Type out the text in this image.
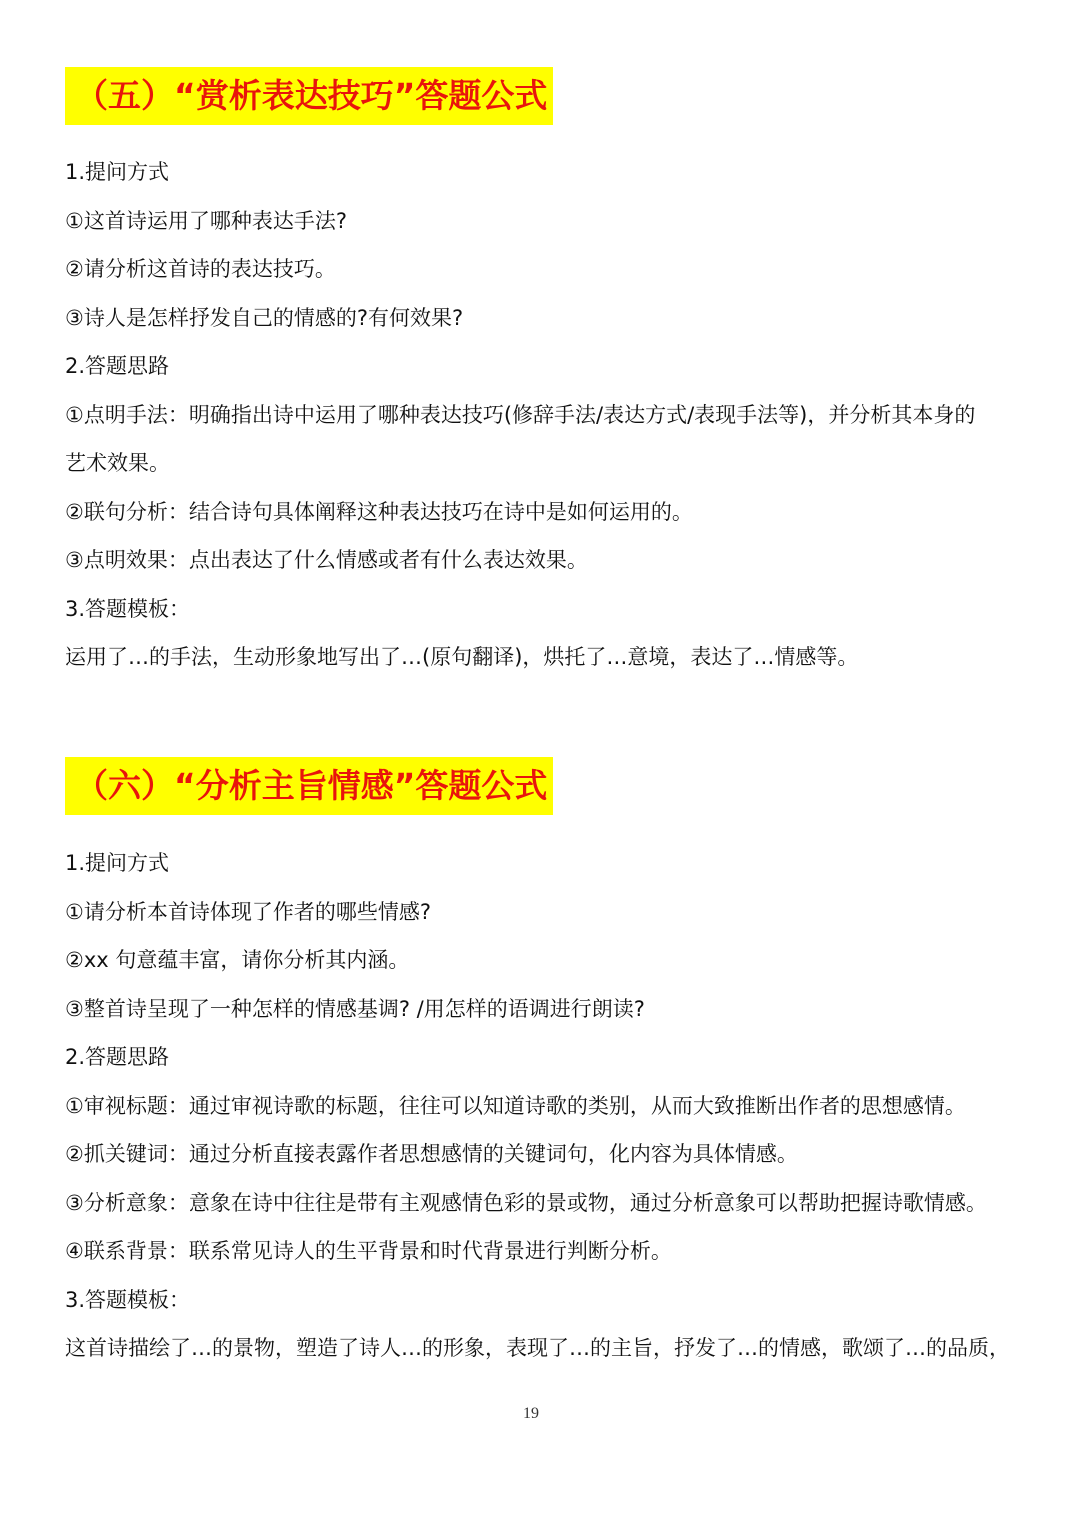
（五）“赏析表达技巧”答题公式
1.提问方式
①这首诗运用了哪种表达手法?
②请分析这首诗的表达技巧。
③诗人是怎样抒发自己的情感的?有何效果?
2.答题思路
①点明手法：明确指出诗中运用了哪种表达技巧(修辞手法/表达方式/表现手法等)，并分析其本身的
艺术效果。
②联句分析：结合诗句具体阐释这种表达技巧在诗中是如何运用的。
③点明效果：点出表达了什么情感或者有什么表达效果。
3.答题模板：
运用了…的手法，生动形象地写出了…(原句翻译)，烘托了…意境，表达了…情感等。
（六）“分析主旨情感”答题公式
1.提问方式
①请分析本首诗体现了作者的哪些情感?
②xx 句意蕴丰富，请你分析其内涵。
③整首诗呈现了一种怎样的情感基调? /用怎样的语调进行朗读?
2.答题思路
①审视标题：通过审视诗歌的标题，往往可以知道诗歌的类别，从而大致推断出作者的思想感情。
②抓关键词：通过分析直接表露作者思想感情的关键词句，化内容为具体情感。
③分析意象：意象在诗中往往是带有主观感情色彩的景或物，通过分析意象可以帮助把握诗歌情感。
④联系背景：联系常见诗人的生平背景和时代背景进行判断分析。
3.答题模板：
这首诗描绘了…的景物，塑造了诗人…的形象，表现了…的主旨，抒发了…的情感，歌颂了…的品质，
19
